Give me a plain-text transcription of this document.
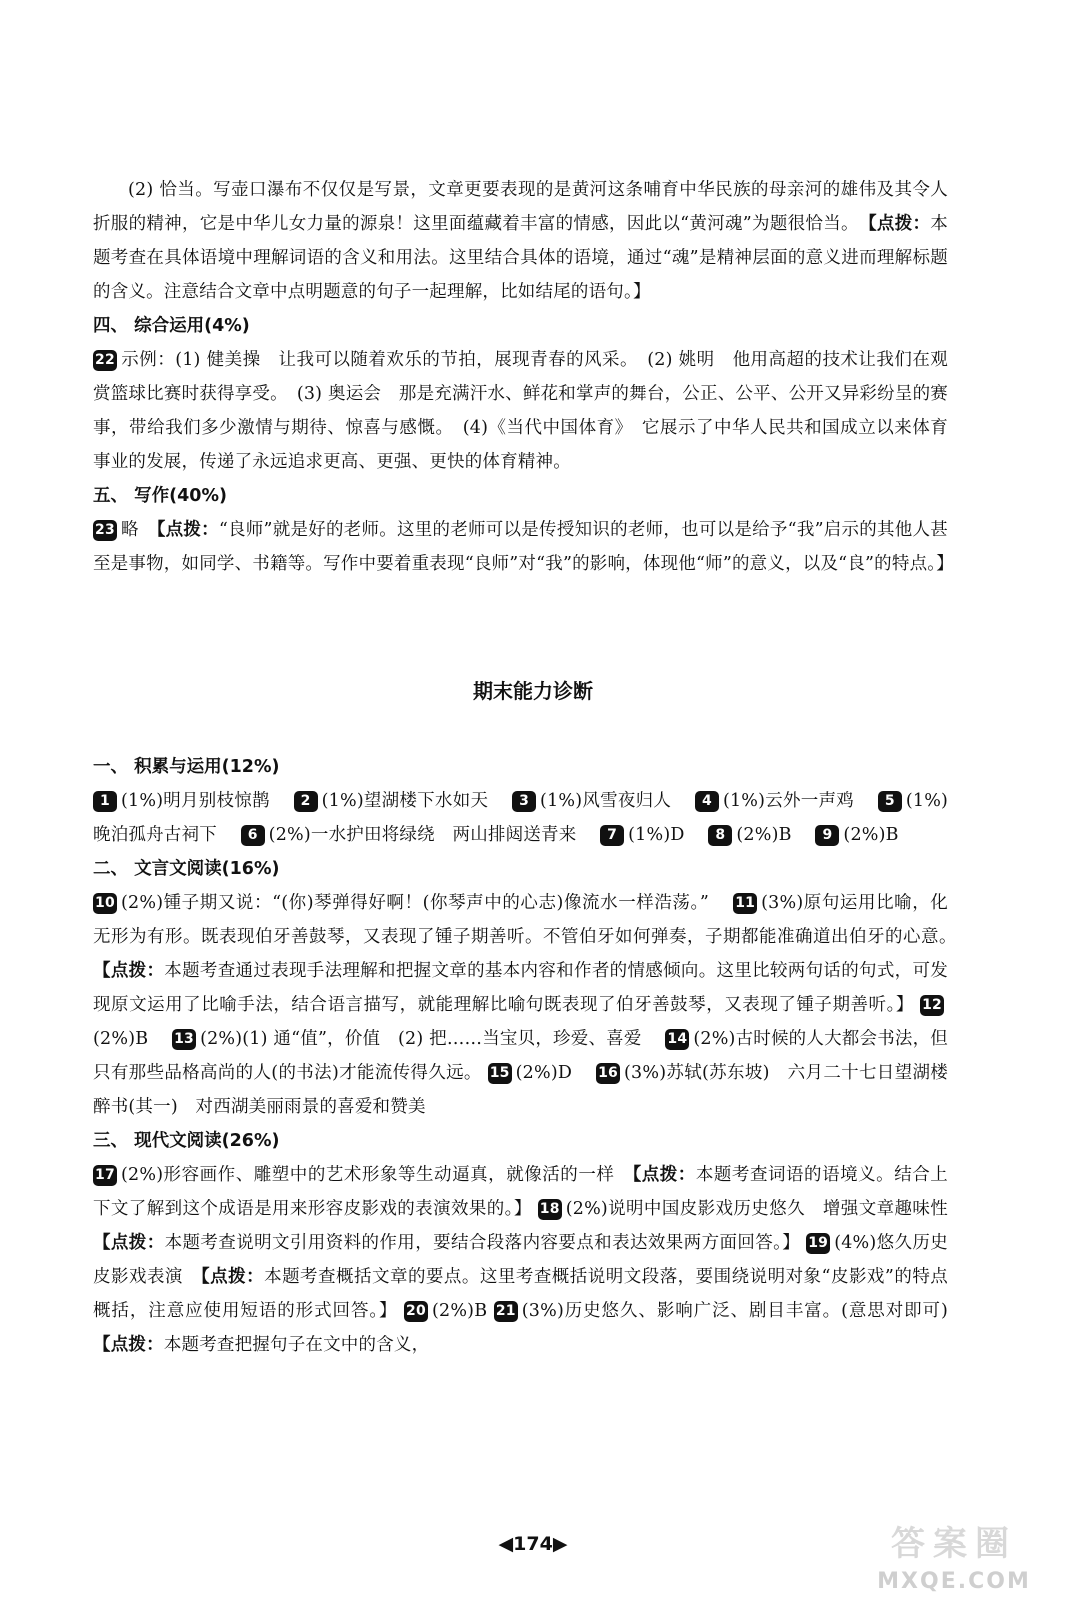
(2) 恰当。写壶口瀑布不仅仅是写景，文章更要表现的是黄河这条哺育中华民族的母亲河的雄伟及其令人折服的精神，它是中华儿女力量的源泉！这里面蕴藏着丰富的情感，因此以“黄河魂”为题很恰当。　 【点拨：本题考查在具体语境中理解词语的含义和用法。这里结合具体的语境，通过“魂”是精神层面的意义进而理解标题的含义。注意结合文章中点明题意的句子一起理解，比如结尾的语句。】

四、 综合运用(4%)

22 示例：(1) 健美操　让我可以随着欢乐的节拍，展现青春的风采。　(2) 姚明　他用高超的技术让我们在观赏篮球比赛时获得享受。　(3) 奥运会　那是充满汗水、鲜花和掌声的舞台，公正、公平、公开又异彩纷呈的赛事，带给我们多少激情与期待、惊喜与感慨。　(4)《当代中国体育》　它展示了中华人民共和国成立以来体育事业的发展，传递了永远追求更高、更强、更快的体育精神。

五、 写作(40%)

23 略　 【点拨：“良师”就是好的老师。这里的老师可以是传授知识的老师，也可以是给予“我”启示的其他人甚至是事物，如同学、书籍等。写作中要着重表现“良师”对“我”的影响，体现他“师”的意义，以及“良”的特点。】

期末能力诊断
一、 积累与运用(12%)

1 (1%)明月别枝惊鹊 2 (1%)望湖楼下水如天 3 (1%)风雪夜归人 4 (1%)云外一声鸡 5 (1%)晚泊孤舟古祠下 6 (2%)一水护田将绿绕　两山排闼送青来 7 (1%)D 8 (2%)B 9 (2%)B

二、 文言文阅读(16%)

10 (2%)锺子期又说：“(你)琴弹得好啊！(你琴声中的心志)像流水一样浩荡。” 11 (3%)原句运用比喻，化无形为有形。既表现伯牙善鼓琴，又表现了锺子期善听。不管伯牙如何弹奏，子期都能准确道出伯牙的心意。　【点拨：本题考查通过表现手法理解和把握文章的基本内容和作者的情感倾向。这里比较两句话的句式，可发现原文运用了比喻手法，结合语言描写，就能理解比喻句既表现了伯牙善鼓琴，又表现了锺子期善听。】 12(2%)B 13 (2%)(1) 通“值”，价值　(2) 把……当宝贝，珍爱、喜爱 14 (2%)古时候的人大都会书法，但只有那些品格高尚的人(的书法)才能流传得久远。 15 (2%)D 16 (3%)苏轼(苏东坡)　六月二十七日望湖楼醉书(其一)　对西湖美丽雨景的喜爱和赞美

三、 现代文阅读(26%)

17 (2%)形容画作、雕塑中的艺术形象等生动逼真，就像活的一样　 【点拨：本题考查词语的语境义。结合上下文了解到这个成语是用来形容皮影戏的表演效果的。】 18 (2%)说明中国皮影戏历史悠久　增强文章趣味性　【点拨：本题考查说明文引用资料的作用，要结合段落内容要点和表达效果两方面回答。】 19 (4%)悠久历史　皮影戏表演　 【点拨：本题考查概括文章的要点。这里考查概括说明文段落，要围绕说明对象“皮影戏”的特点概括，注意应使用短语的形式回答。】 20 (2%)B 21 (3%)历史悠久、影响广泛、剧目丰富。(意思对即可)　【点拨：本题考查把握句子在文中的含义，

◀174▶	答案圈
MXQE.COM
